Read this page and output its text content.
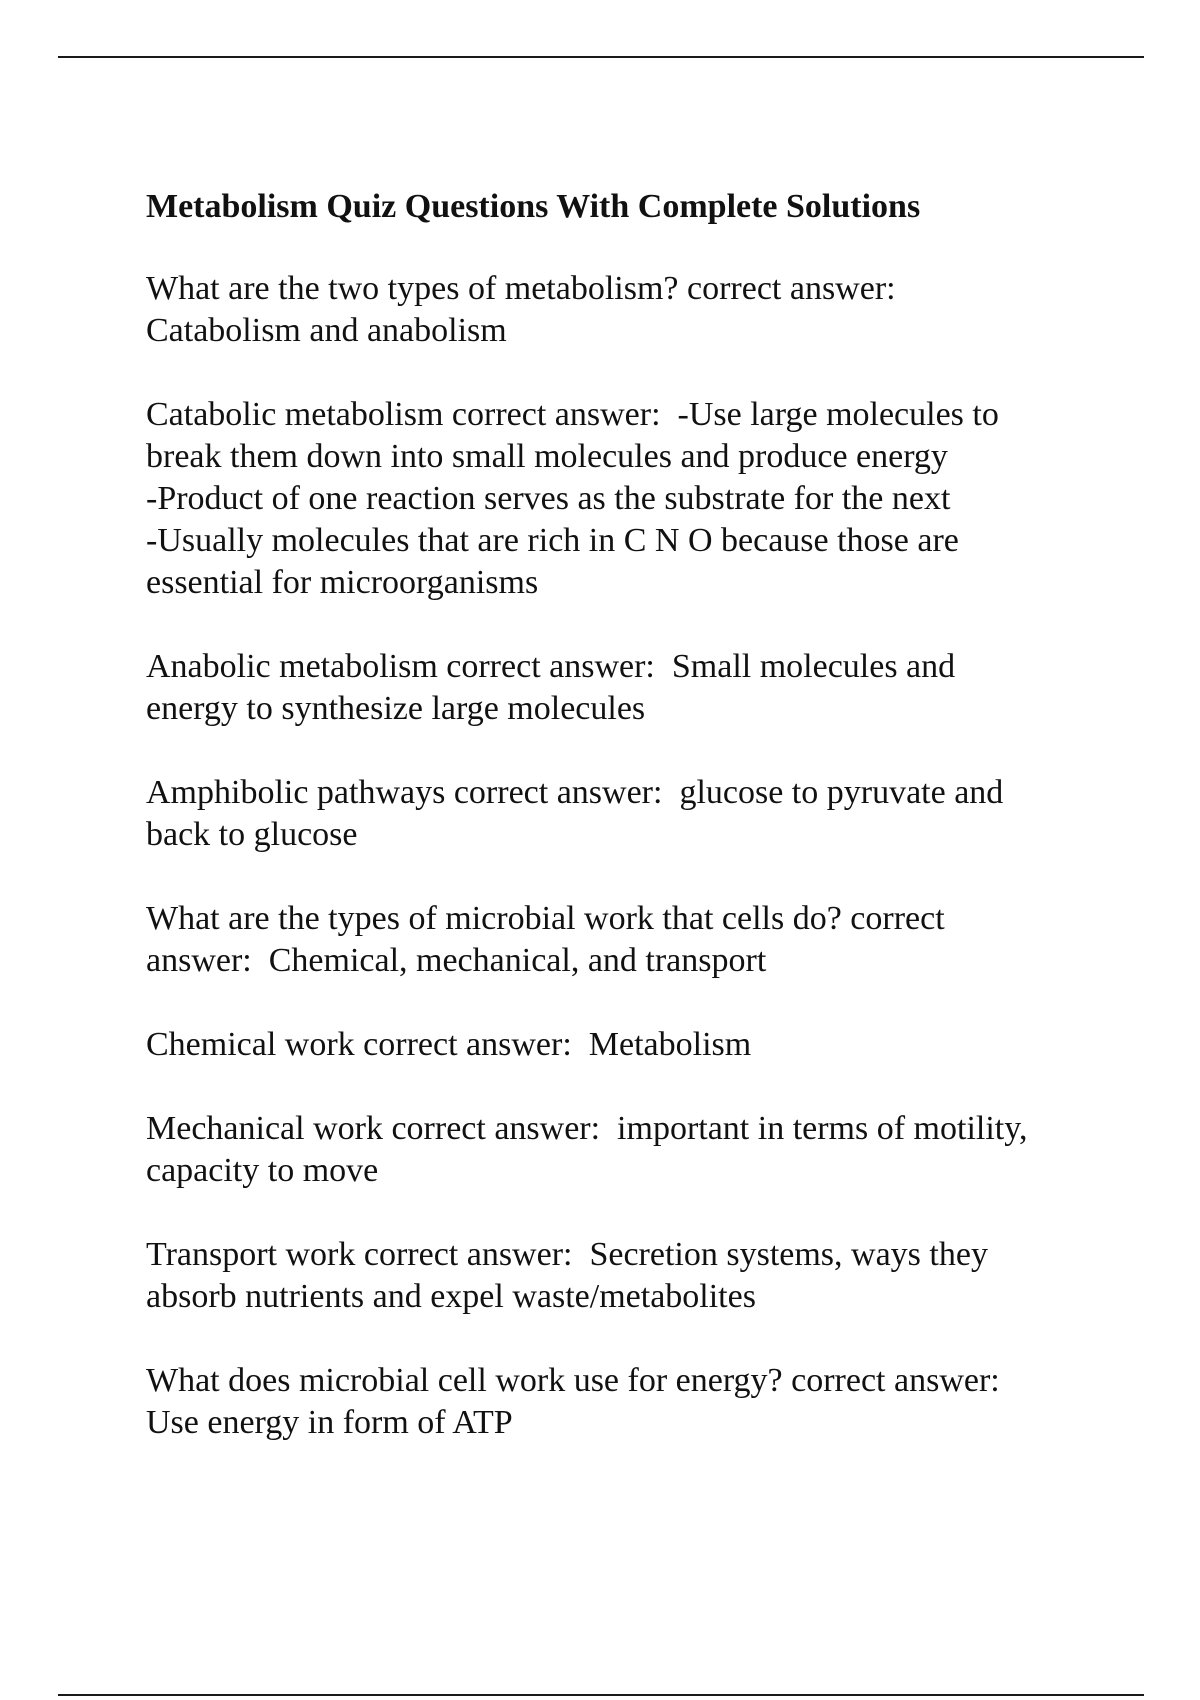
Metabolism Quiz Questions With Complete Solutions
What are the two types of metabolism? correct answer:
Catabolism and anabolism
Catabolic metabolism correct answer:  -Use large molecules to
break them down into small molecules and produce energy
-Product of one reaction serves as the substrate for the next
-Usually molecules that are rich in C N O because those are
essential for microorganisms
Anabolic metabolism correct answer:  Small molecules and
energy to synthesize large molecules
Amphibolic pathways correct answer:  glucose to pyruvate and
back to glucose
What are the types of microbial work that cells do? correct
answer:  Chemical, mechanical, and transport
Chemical work correct answer:  Metabolism
Mechanical work correct answer:  important in terms of motility,
capacity to move
Transport work correct answer:  Secretion systems, ways they
absorb nutrients and expel waste/metabolites
What does microbial cell work use for energy? correct answer:
Use energy in form of ATP
